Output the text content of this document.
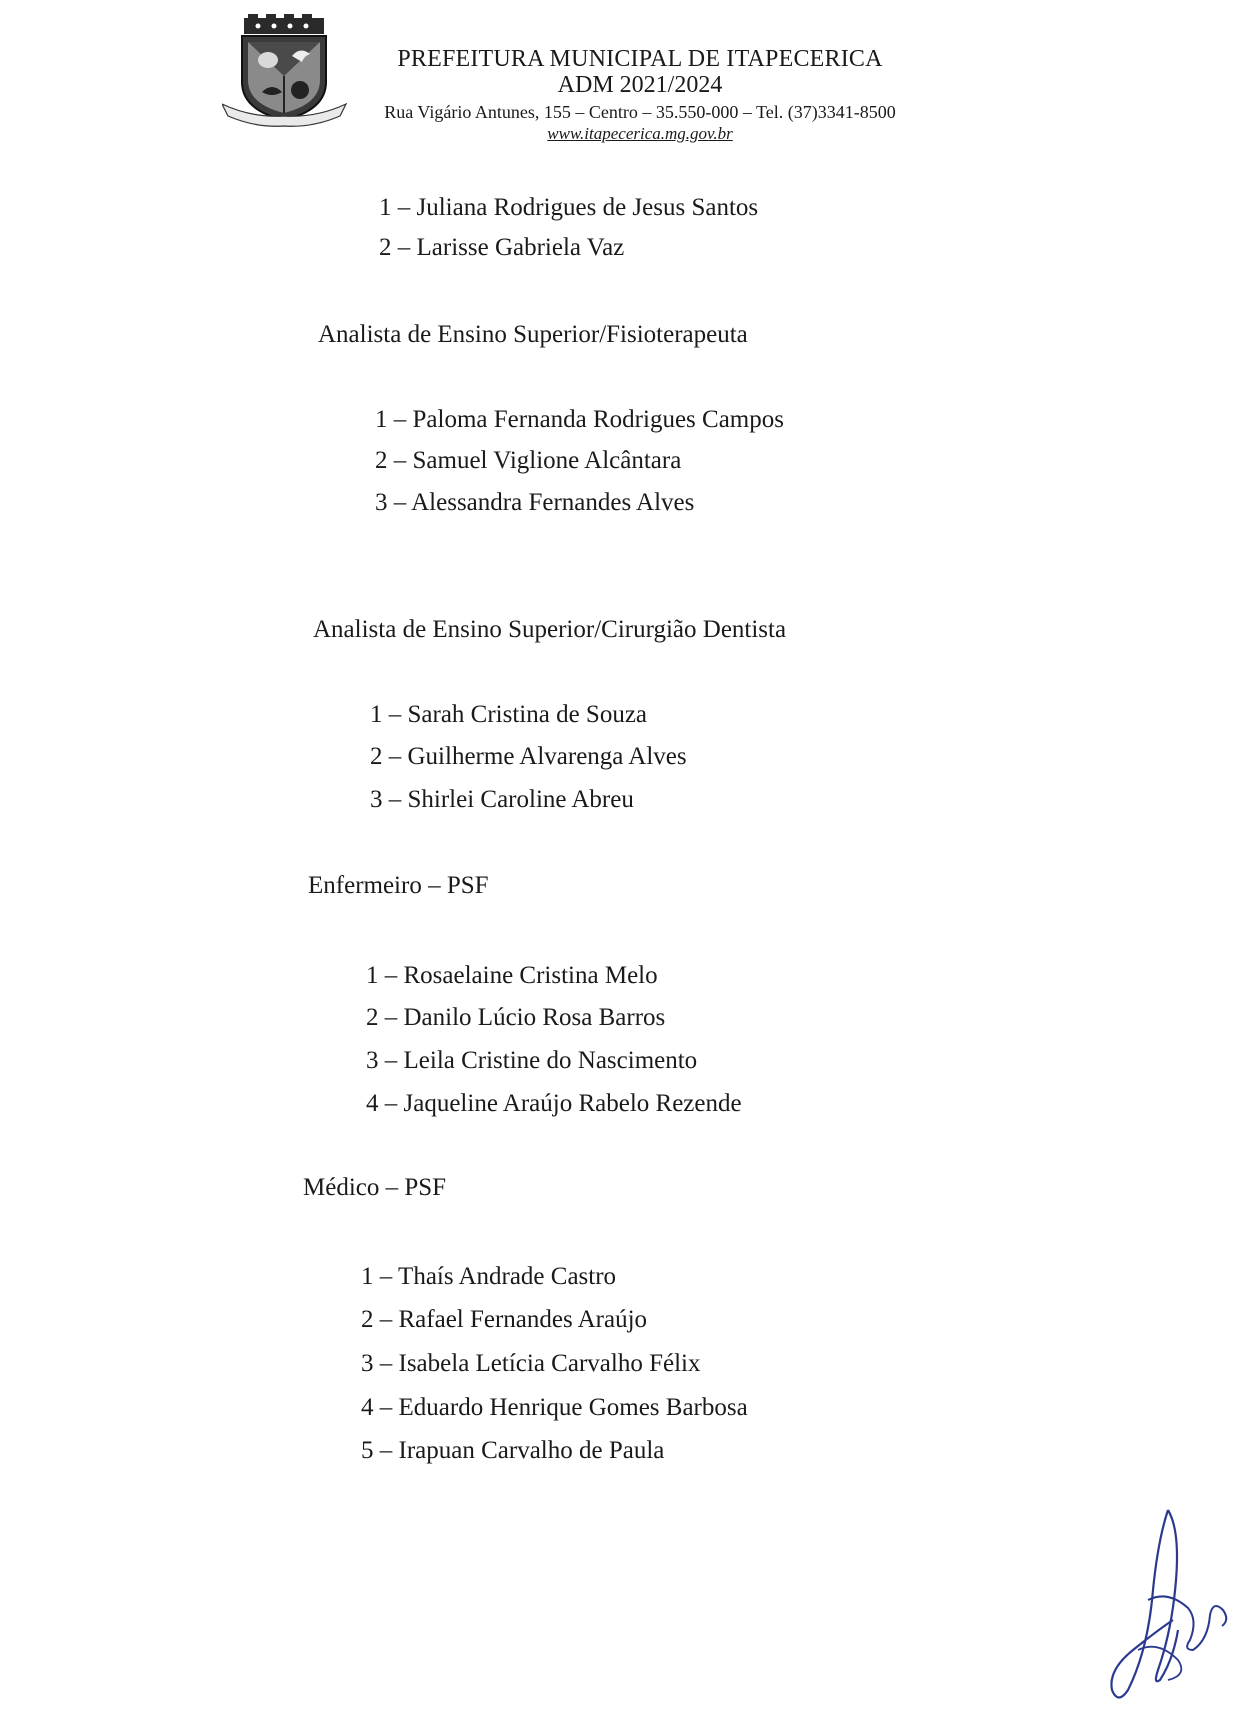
PREFEITURA MUNICIPAL DE ITAPECERICA
ADM 2021/2024
Rua Vigário Antunes, 155 – Centro – 35.550-000 – Tel. (37)3341-8500
www.itapecerica.mg.gov.br
1 – Juliana Rodrigues de Jesus Santos
2 – Larisse Gabriela Vaz
Analista de Ensino Superior/Fisioterapeuta
1 – Paloma Fernanda Rodrigues Campos
2 – Samuel Viglione Alcântara
3 – Alessandra Fernandes Alves
Analista de Ensino Superior/Cirurgião Dentista
1 – Sarah Cristina de Souza
2 – Guilherme Alvarenga Alves
3 – Shirlei Caroline Abreu
Enfermeiro – PSF
1 – Rosaelaine Cristina Melo
2 – Danilo Lúcio Rosa Barros
3 – Leila Cristine do Nascimento
4 – Jaqueline Araújo Rabelo Rezende
Médico – PSF
1 – Thaís Andrade Castro
2 – Rafael Fernandes Araújo
3 – Isabela Letícia Carvalho Félix
4 – Eduardo Henrique Gomes Barbosa
5 – Irapuan Carvalho de Paula
